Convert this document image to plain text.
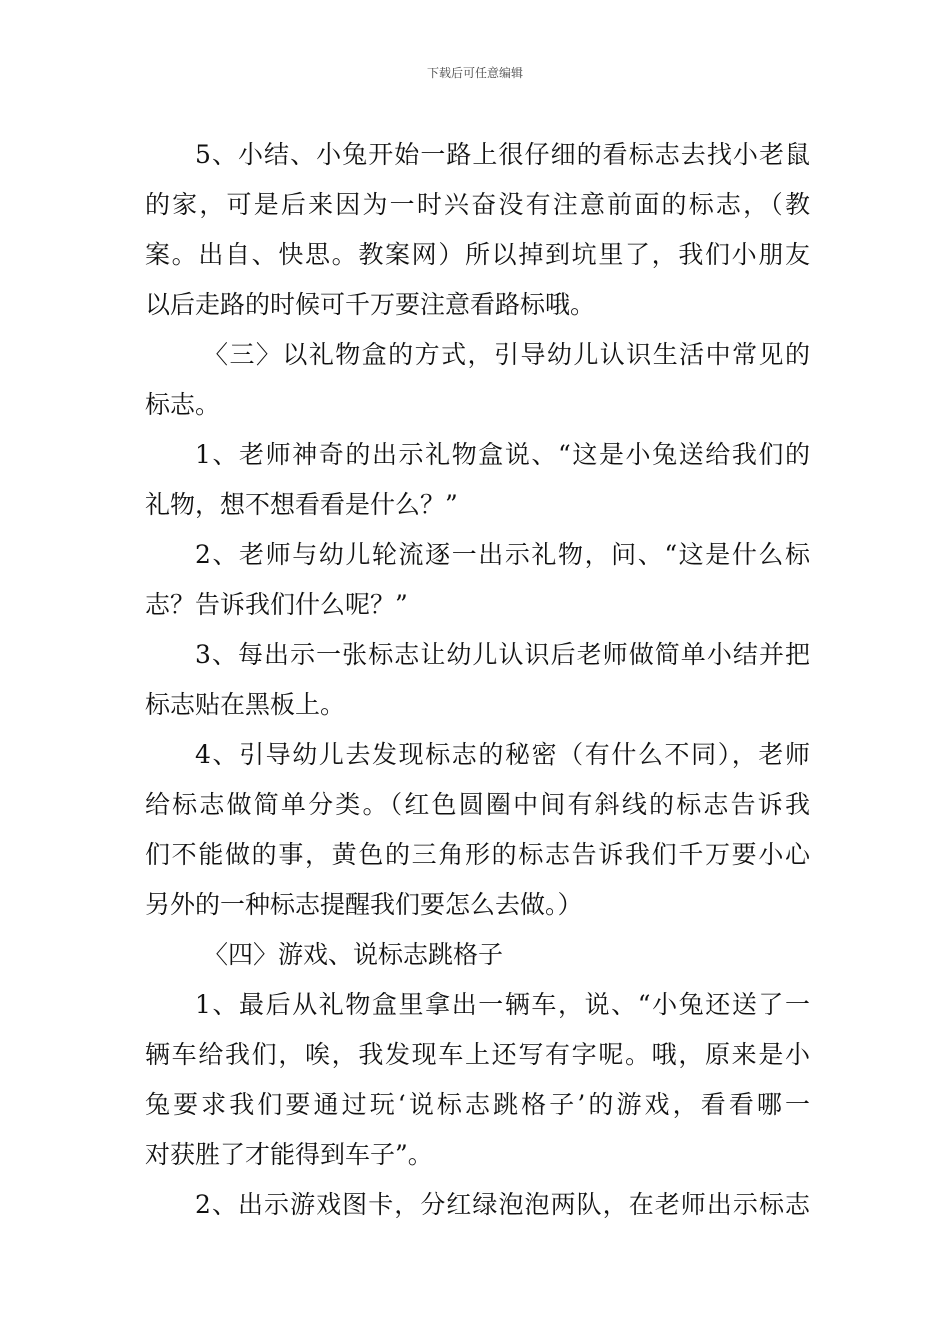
下载后可任意编辑
5、小结、小兔开始一路上很仔细的看标志去找小老鼠
的家，可是后来因为一时兴奋没有注意前面的标志，（教
案。出自、快思。教案网）所以掉到坑里了，我们小朋友
以后走路的时候可千万要注意看路标哦。
〈三〉以礼物盒的方式，引导幼儿认识生活中常见的
标志。
1、老师神奇的出示礼物盒说、“这是小兔送给我们的
礼物，想不想看看是什么？”
2、老师与幼儿轮流逐一出示礼物，问、“这是什么标
志？告诉我们什么呢？”
3、每出示一张标志让幼儿认识后老师做简单小结并把
标志贴在黑板上。
4、引导幼儿去发现标志的秘密（有什么不同），老师
给标志做简单分类。（红色圆圈中间有斜线的标志告诉我
们不能做的事，黄色的三角形的标志告诉我们千万要小心
另外的一种标志提醒我们要怎么去做。）
〈四〉游戏、说标志跳格子
1、最后从礼物盒里拿出一辆车，说、“小兔还送了一
辆车给我们，唉，我发现车上还写有字呢。哦，原来是小
兔要求我们要通过玩‘说标志跳格子’的游戏，看看哪一
对获胜了才能得到车子”。
2、出示游戏图卡，分红绿泡泡两队，在老师出示标志
